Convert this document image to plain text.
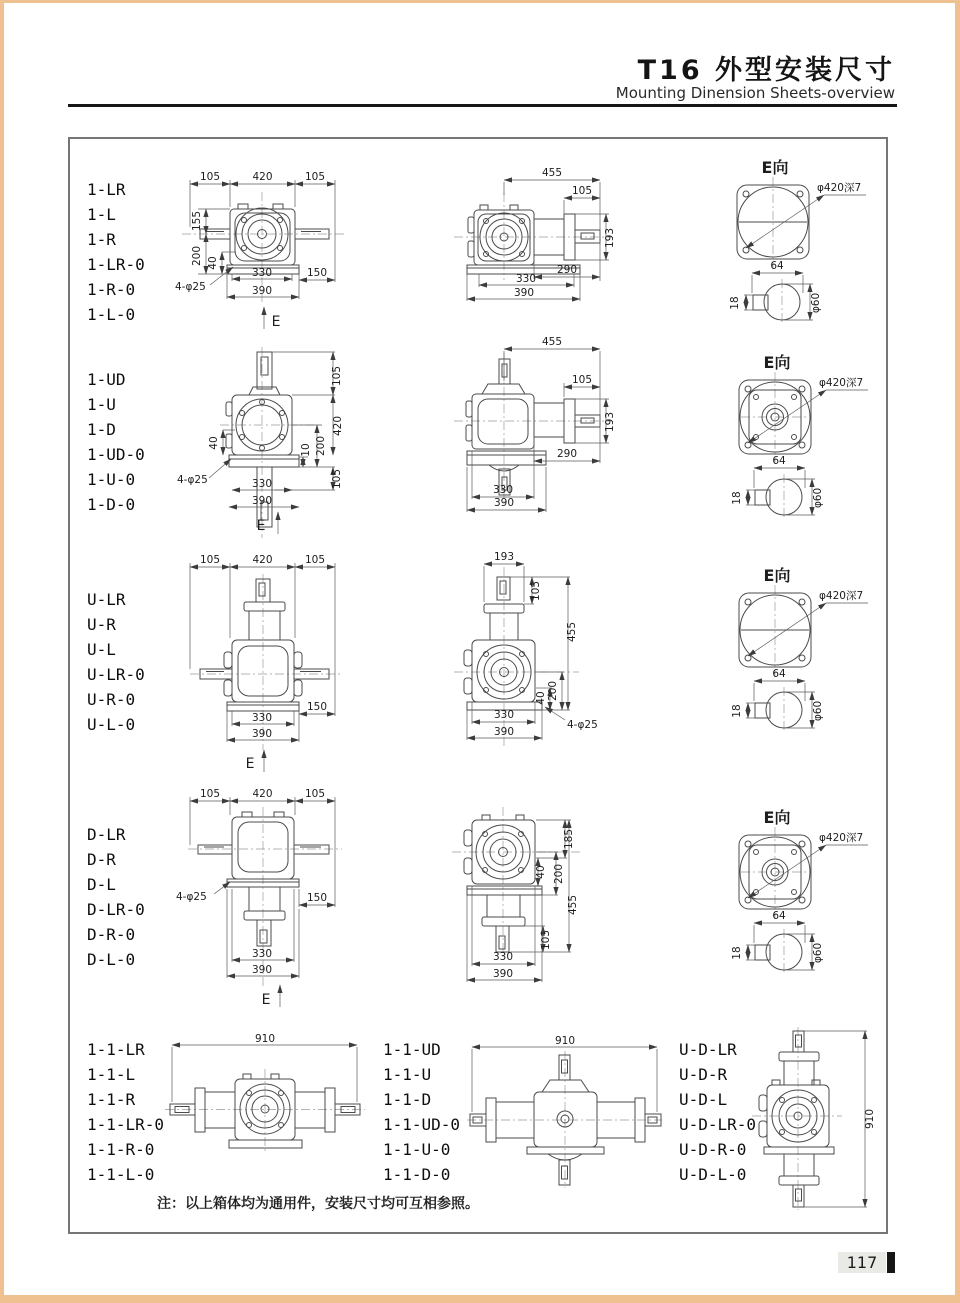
T16 外型安装尺寸
Mounting Dinension Sheets-overview
1-LR
1-L
1-R
1-LR-0
1-R-0
1-L-0
105	420	105
155
200 40
4-φ25
330	150
390
E
455
105
193
290
330
390
E向
φ420深7
64
18	φ60
1-UD
1-U
1-D
1-UD-0
1-U-0
1-D-0
105
420
200
10
105
40
4-φ25	330
390
E
455
105
193
290
330
390
E向
φ420深7
64
18	φ60
U-LR
U-R
U-L
U-LR-0
U-R-0
U-L-0
105	420	105
150
330
390
E
193
105
455
40 200
4-φ25
330
390
E向
φ420深7
64
18	φ60
D-LR
D-R
D-L
D-LR-0
D-R-0
D-L-0
105	420	105
4-φ25	150
330
390
E
185
40 200
455
105
330
390
E向
φ420深7
64
18	φ60
1-1-LR
1-1-L
1-1-R
1-1-LR-0
1-1-R-0
1-1-L-0
910
1-1-UD
1-1-U
1-1-D
1-1-UD-0
1-1-U-0
1-1-D-0
910	U-D-LR
U-D-R
U-D-L
U-D-LR-0
U-D-R-0
U-D-L-0
910
注：以上箱体均为通用件，安装尺寸均可互相参照。
117
